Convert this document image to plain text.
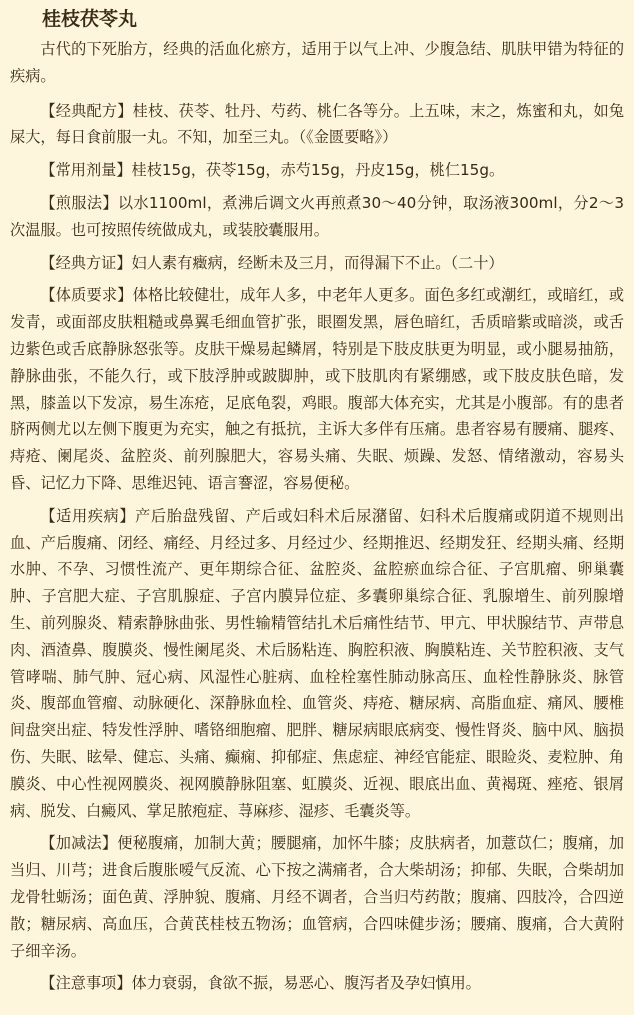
桂枝茯苓丸

古代的下死胎方，经典的活血化瘀方，适用于以气上冲、少腹急结、肌肤甲错为特征的疾病。

【经典配方】桂枝、茯苓、牡丹、芍药、桃仁各等分。上五味，末之，炼蜜和丸，如兔屎大，每日食前服一丸。不知，加至三丸。（《金匮要略》）

【常用剂量】桂枝15g，茯苓15g，赤芍15g，丹皮15g，桃仁15g。

【煎服法】以水1100ml，煮沸后调文火再煎煮30～40分钟，取汤液300ml，分2～3次温服。也可按照传统做成丸，或装胶囊服用。

【经典方证】妇人素有癥病，经断未及三月，而得漏下不止。（二十）

【体质要求】体格比较健壮，成年人多，中老年人更多。面色多红或潮红，或暗红，或发青，或面部皮肤粗糙或鼻翼毛细血管扩张，眼圈发黑，唇色暗红，舌质暗紫或暗淡，或舌边紫色或舌底静脉怒张等。皮肤干燥易起鳞屑，特别是下肢皮肤更为明显，或小腿易抽筋，静脉曲张，不能久行，或下肢浮肿或跛脚肿，或下肢肌肉有紧绷感，或下肢皮肤色暗，发黑，膝盖以下发凉，易生冻疮，足底龟裂，鸡眼。腹部大体充实，尤其是小腹部。有的患者脐两侧尤以左侧下腹更为充实，触之有抵抗，主诉大多伴有压痛。患者容易有腰痛、腿疼、痔疮、阑尾炎、盆腔炎、前列腺肥大，容易头痛、失眠、烦躁、发怒、情绪激动，容易头昏、记忆力下降、思维迟钝、语言謇涩，容易便秘。

【适用疾病】产后胎盘残留、产后或妇科术后尿潴留、妇科术后腹痛或阴道不规则出血、产后腹痛、闭经、痛经、月经过多、月经过少、经期推迟、经期发狂、经期头痛、经期水肿、不孕、习惯性流产、更年期综合征、盆腔炎、盆腔瘀血综合征、子宫肌瘤、卵巢囊肿、子宫肥大症、子宫肌腺症、子宫内膜异位症、多囊卵巢综合征、乳腺增生、前列腺增生、前列腺炎、精索静脉曲张、男性输精管结扎术后痛性结节、甲亢、甲状腺结节、声带息肉、酒渣鼻、腹膜炎、慢性阑尾炎、术后肠粘连、胸腔积液、胸膜粘连、关节腔积液、支气管哮喘、肺气肿、冠心病、风湿性心脏病、血栓栓塞性肺动脉高压、血栓性静脉炎、脉管炎、腹部血管瘤、动脉硬化、深静脉血栓、血管炎、痔疮、糖尿病、高脂血症、痛风、腰椎间盘突出症、特发性浮肿、嗜铬细胞瘤、肥胖、糖尿病眼底病变、慢性肾炎、脑中风、脑损伤、失眠、眩晕、健忘、头痛、癫痫、抑郁症、焦虑症、神经官能症、眼睑炎、麦粒肿、角膜炎、中心性视网膜炎、视网膜静脉阻塞、虹膜炎、近视、眼底出血、黄褐斑、痤疮、银屑病、脱发、白癜风、掌足脓疱症、荨麻疹、湿疹、毛囊炎等。

【加减法】便秘腹痛，加制大黄；腰腿痛，加怀牛膝；皮肤病者，加薏苡仁；腹痛，加当归、川芎；进食后腹胀嗳气反流、心下按之满痛者，合大柴胡汤；抑郁、失眠，合柴胡加龙骨牡蛎汤；面色黄、浮肿貌、腹痛、月经不调者，合当归芍药散；腹痛、四肢冷，合四逆散；糖尿病、高血压，合黄芪桂枝五物汤；血管病，合四味健步汤；腰痛、腹痛，合大黄附子细辛汤。

【注意事项】体力衰弱，食欲不振，易恶心、腹泻者及孕妇慎用。
